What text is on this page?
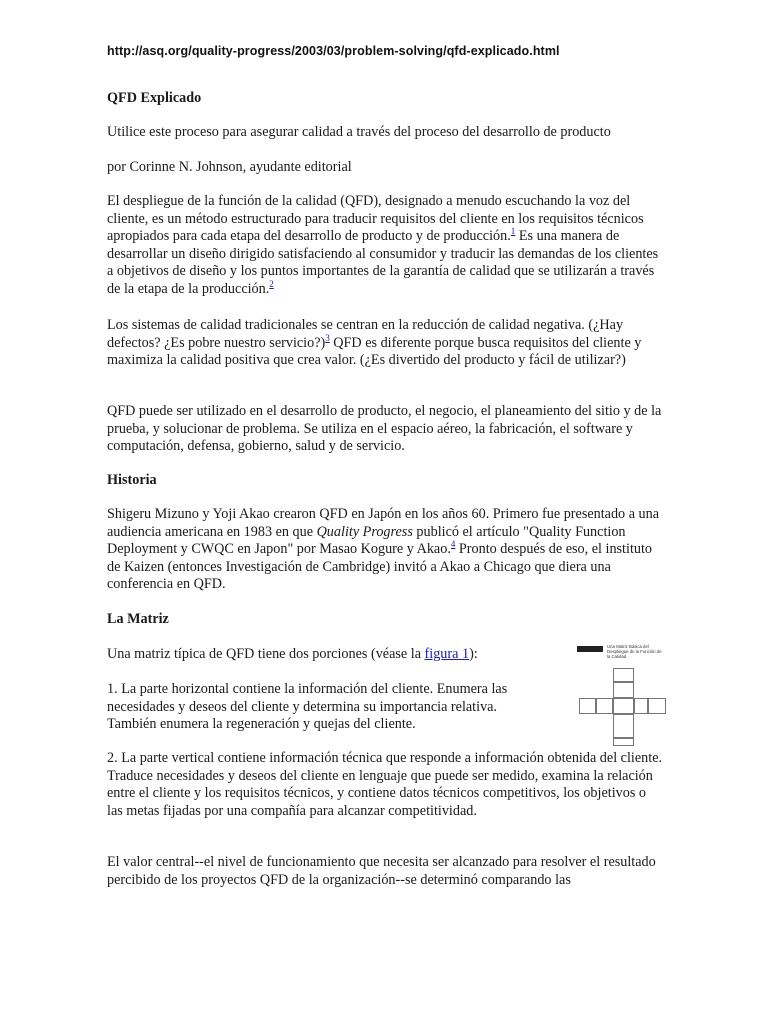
http://asq.org/quality-progress/2003/03/problem-solving/qfd-explicado.html
QFD Explicado

Utilice este proceso para asegurar calidad a través del proceso del desarrollo de producto

por Corinne N. Johnson, ayudante editorial

El despliegue de la función de la calidad (QFD), designado a menudo escuchando la voz del cliente, es un método estructurado para traducir requisitos del cliente en los requisitos técnicos apropiados para cada etapa del desarrollo de producto y de producción.$^1$ Es una manera de desarrollar un diseño dirigido satisfaciendo al consumidor y traducir las demandas de los clientes a objetivos de diseño y los puntos importantes de la garantía de calidad que se utilizarán a través de la etapa de la producción.$^2$

Los sistemas de calidad tradicionales se centran en la reducción de calidad negativa. (¿Hay defectos? ¿Es pobre nuestro servicio?)$^3$ QFD es diferente porque busca requisitos del cliente y maximiza la calidad positiva que crea valor. (¿Es divertido del producto y fácil de utilizar?)

QFD puede ser utilizado en el desarrollo de producto, el negocio, el planeamiento del sitio y de la prueba, y solucionar de problema. Se utiliza en el espacio aéreo, la fabricación, el software y computación, defensa, gobierno, salud y de servicio.

Historia

Shigeru Mizuno y Yoji Akao crearon QFD en Japón en los años 60. Primero fue presentado a una audiencia americana en 1983 en que Quality Progress publicó el artículo "Quality Function Deployment y CWQC en Japon" por Masao Kogure y Akao.$^4$ Pronto después de eso, el instituto de Kaizen (entonces Investigación de Cambridge) invitó a Akao a Chicago que diera una conferencia en QFD.

La Matriz

Una matriz típica de QFD tiene dos porciones (véase la figura 1):

1. La parte horizontal contiene la información del cliente. Enumera las necesidades y deseos del cliente y determina su importancia relativa. También enumera la regeneración y quejas del cliente.

2. La parte vertical contiene información técnica que responde a información obtenida del cliente. Traduce necesidades y deseos del cliente en lenguaje que puede ser medido, examina la relación entre el cliente y los requisitos técnicos, y contiene datos técnicos competitivos, los objetivos o las metas fijadas por una compañía para alcanzar competitividad.

El valor central--el nivel de funcionamiento que necesita ser alcanzado para resolver el resultado percibido de los proyectos QFD de la organización--se determinó comparando las

Una Matriz Básica del Despliegue de la Función de la Calidad
